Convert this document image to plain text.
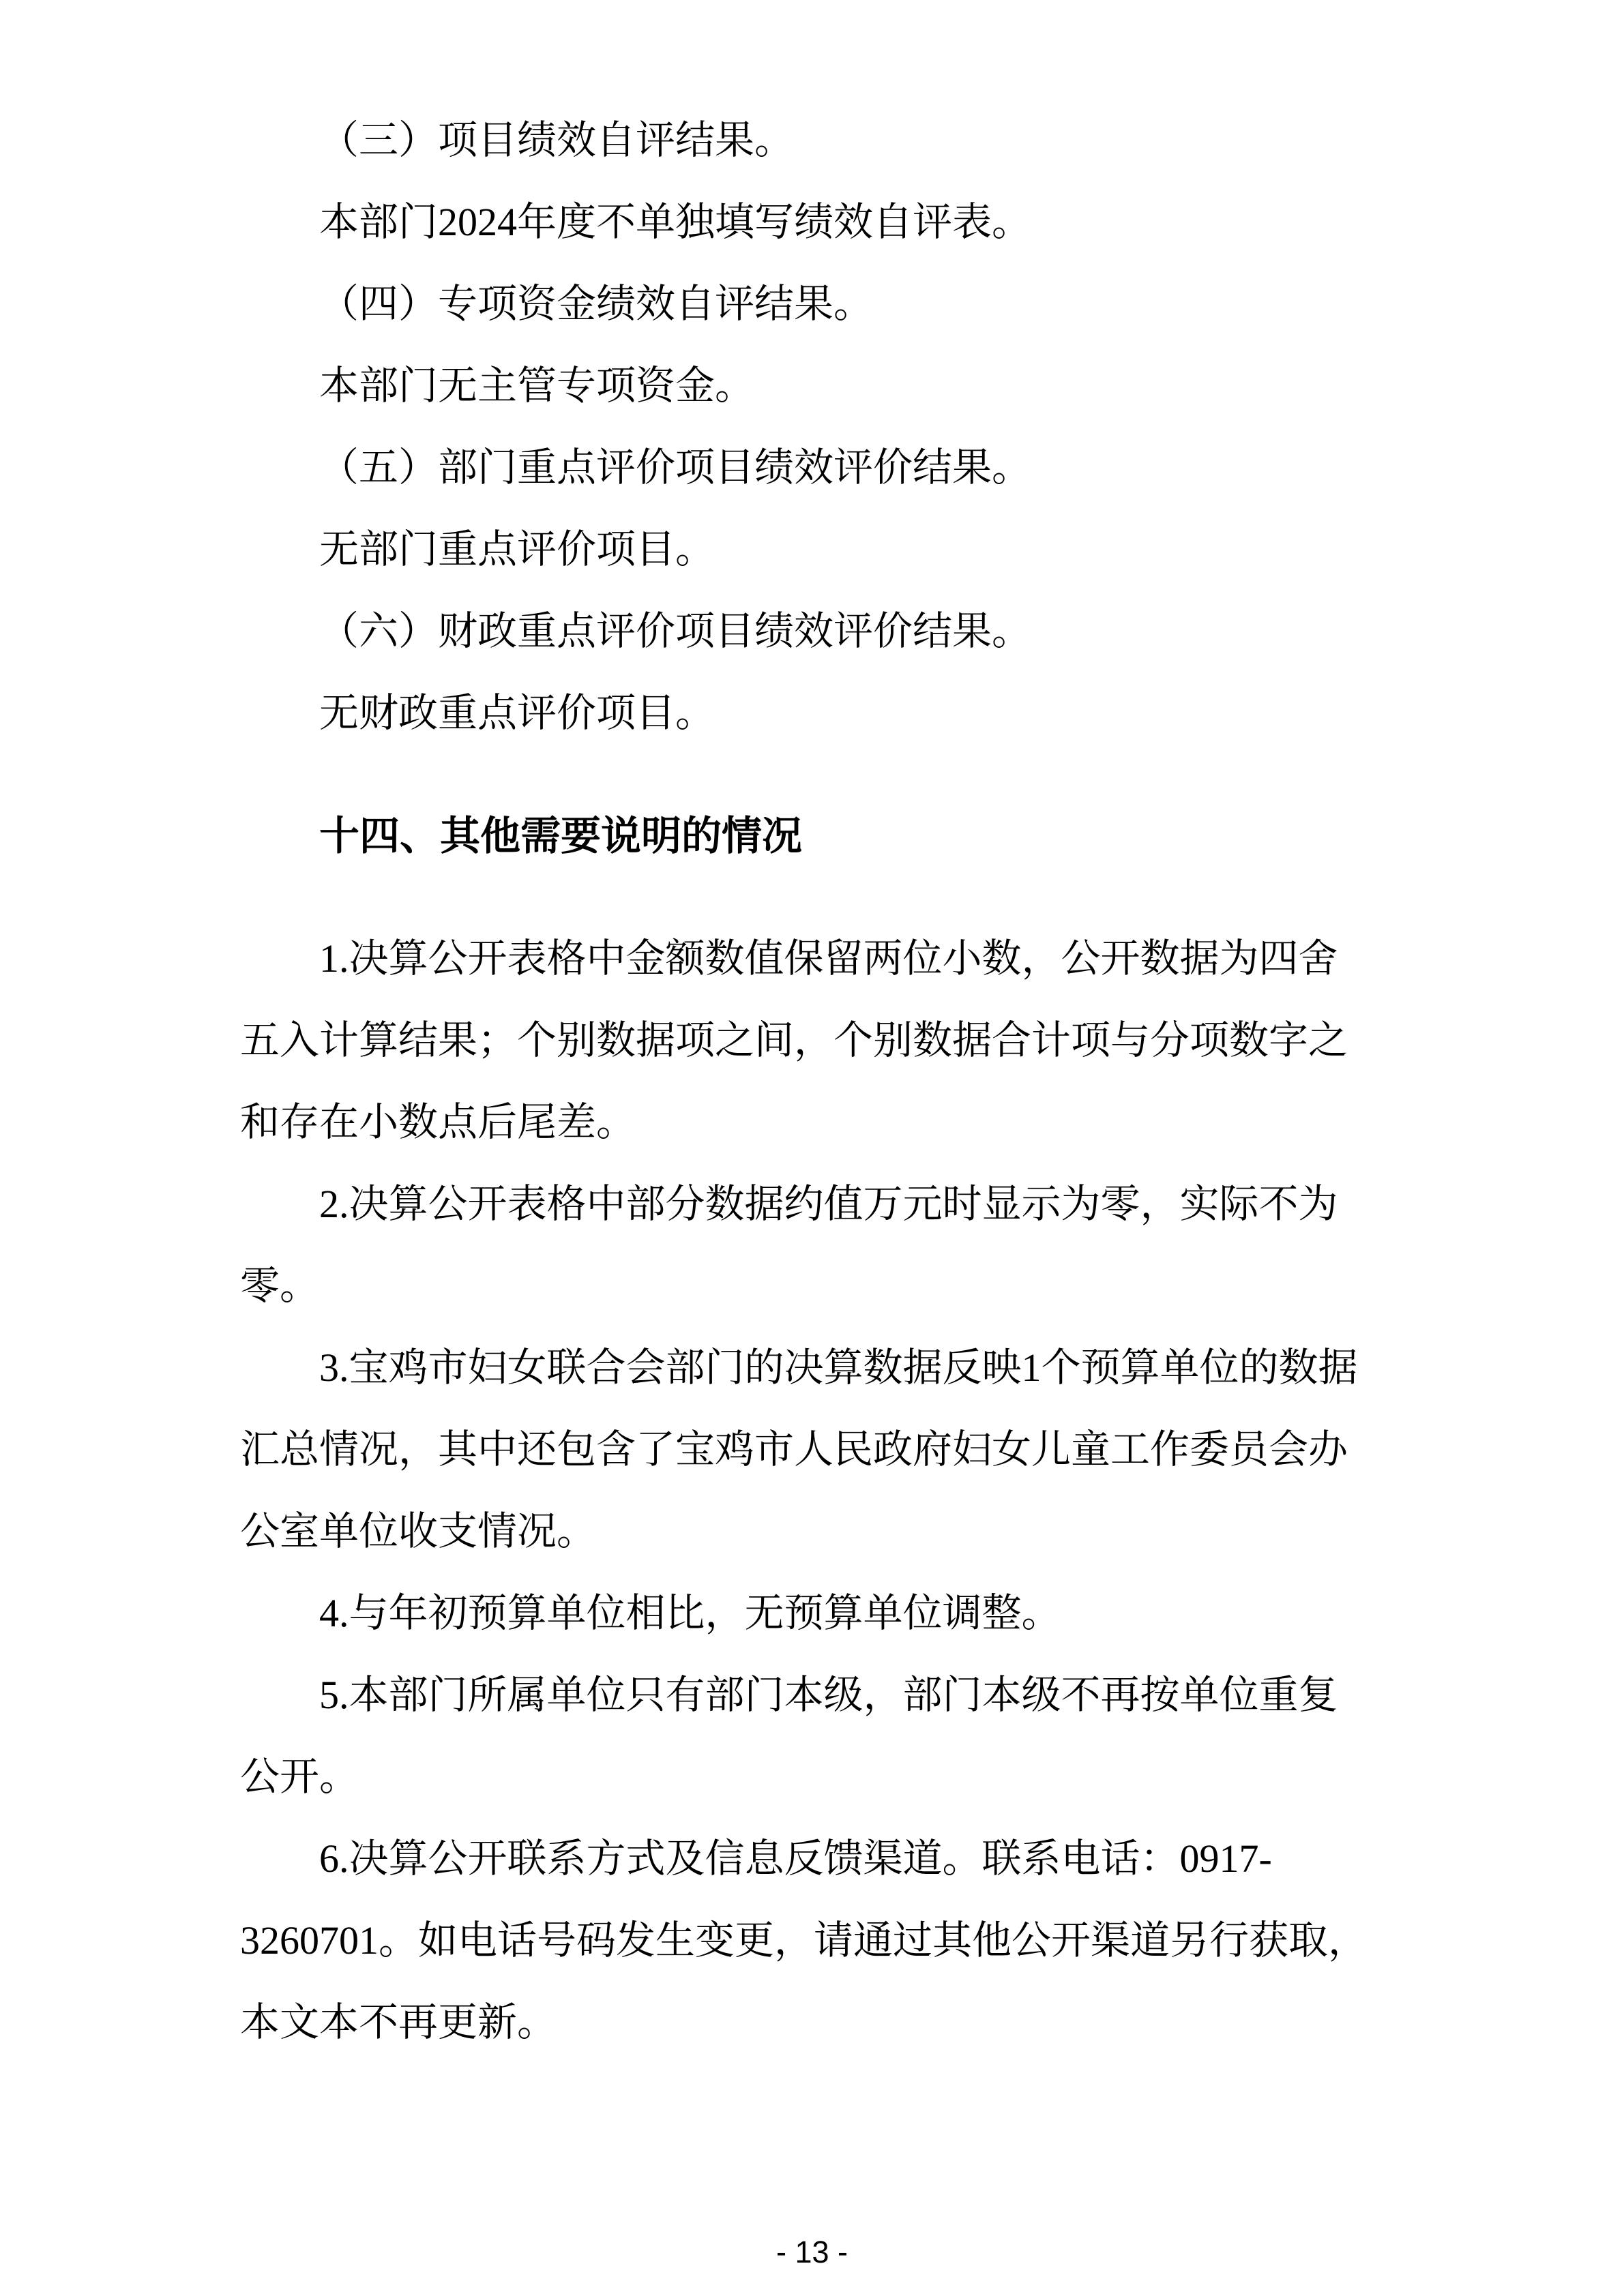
（三）项目绩效自评结果。

本部门2024年度不单独填写绩效自评表。

（四）专项资金绩效自评结果。

本部门无主管专项资金。

（五）部门重点评价项目绩效评价结果。

无部门重点评价项目。

（六）财政重点评价项目绩效评价结果。

无财政重点评价项目。

十四、其他需要说明的情况

1.决算公开表格中金额数值保留两位小数，公开数据为四舍
五入计算结果；个别数据项之间，个别数据合计项与分项数字之
和存在小数点后尾差。

2.决算公开表格中部分数据约值万元时显示为零，实际不为
零。

3.宝鸡市妇女联合会部门的决算数据反映1个预算单位的数据
汇总情况，其中还包含了宝鸡市人民政府妇女儿童工作委员会办
公室单位收支情况。

4.与年初预算单位相比，无预算单位调整。

5.本部门所属单位只有部门本级，部门本级不再按单位重复
公开。

6.决算公开联系方式及信息反馈渠道。联系电话：0917-
3260701。如电话号码发生变更，请通过其他公开渠道另行获取，
本文本不再更新。

- 13 -
